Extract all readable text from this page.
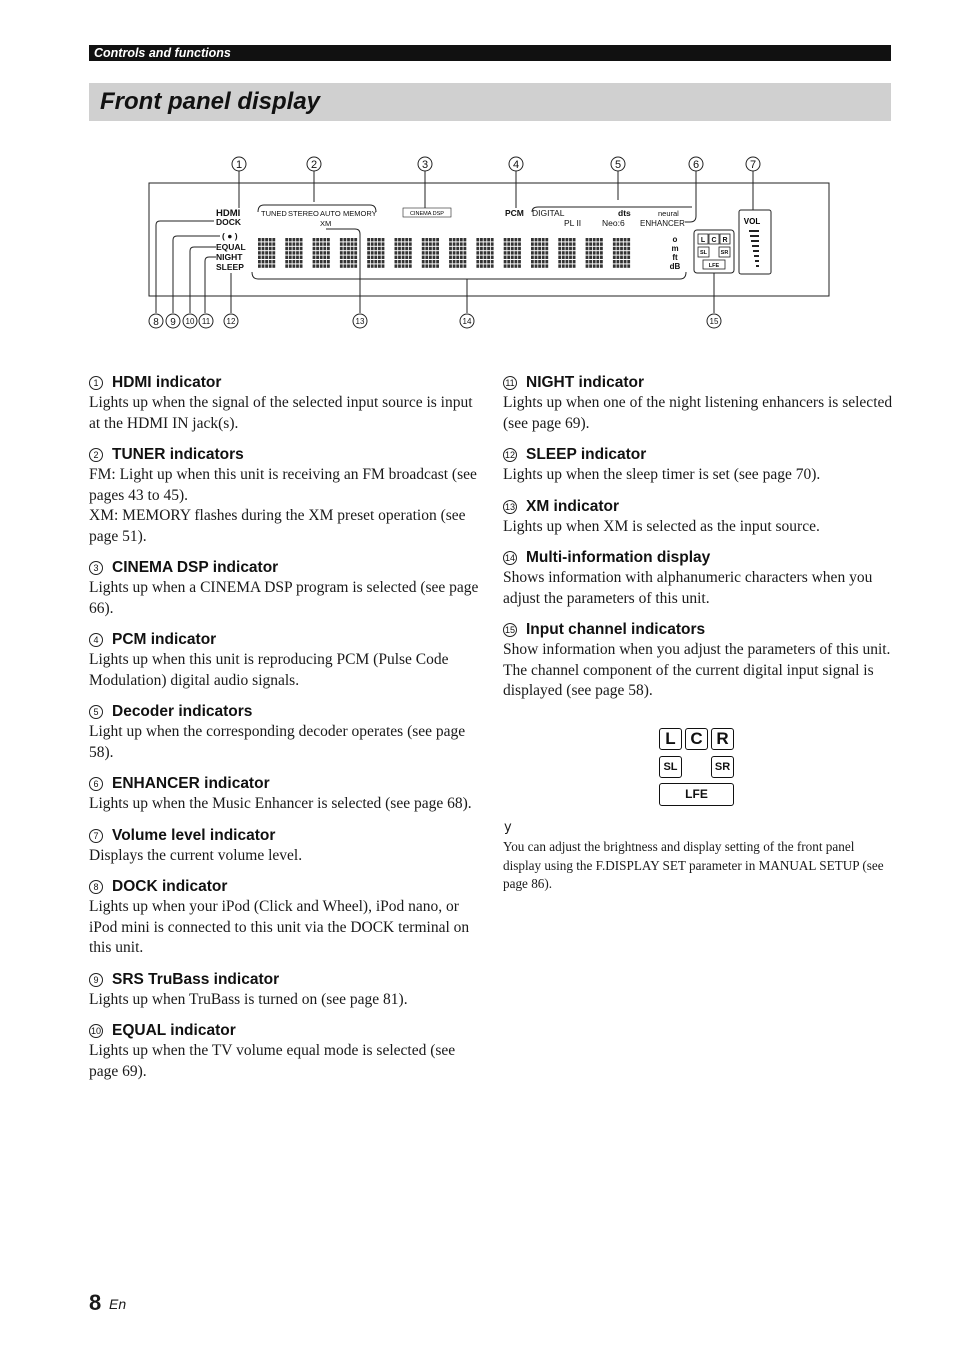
Controls and functions
Front panel display
1	2	3	4	5	6	7
HDMI
DOCK
( ● )
EQUAL
NIGHT
SLEEP
TUNED STEREO AUTO MEMORY
XM
CINEMA DSP	PCM DIGITAL	dts	neural
PL II Neo:6 ENHANCER
o
m
ft
dB
L C R
SL SR
LFE
VOL
8 9 10 11 12	13	14	15
1 HDMI indicator

Lights up when the signal of the selected input source is input at the HDMI IN jack(s).

2 TUNER indicators

FM: Light up when this unit is receiving an FM broadcast (see pages 43 to 45).

XM: MEMORY flashes during the XM preset operation (see page 51).

3 CINEMA DSP indicator

Lights up when a CINEMA DSP program is selected (see page 66).

4 PCM indicator

Lights up when this unit is reproducing PCM (Pulse Code Modulation) digital audio signals.

5 Decoder indicators

Light up when the corresponding decoder operates (see page 58).

6 ENHANCER indicator

Lights up when the Music Enhancer is selected (see page 68).

7 Volume level indicator

Displays the current volume level.

8 DOCK indicator

Lights up when your iPod (Click and Wheel), iPod nano, or iPod mini is connected to this unit via the DOCK terminal on this unit.

9 SRS TruBass indicator

Lights up when TruBass is turned on (see page 81).

10 EQUAL indicator

Lights up when the TV volume equal mode is selected (see page 69).

11 NIGHT indicator

Lights up when one of the night listening enhancers is selected (see page 69).

12 SLEEP indicator

Lights up when the sleep timer is set (see page 70).

13 XM indicator

Lights up when XM is selected as the input source.

14 Multi-information display

Shows information with alphanumeric characters when you adjust the parameters of this unit.

15 Input channel indicators

Show information when you adjust the parameters of this unit. The channel component of the current digital input signal is displayed (see page 58).

L C R
SL	SR
LFE
y
You can adjust the brightness and display setting of the front panel display using the F.DISPLAY SET parameter in MANUAL SETUP (see page 86).
8 En
